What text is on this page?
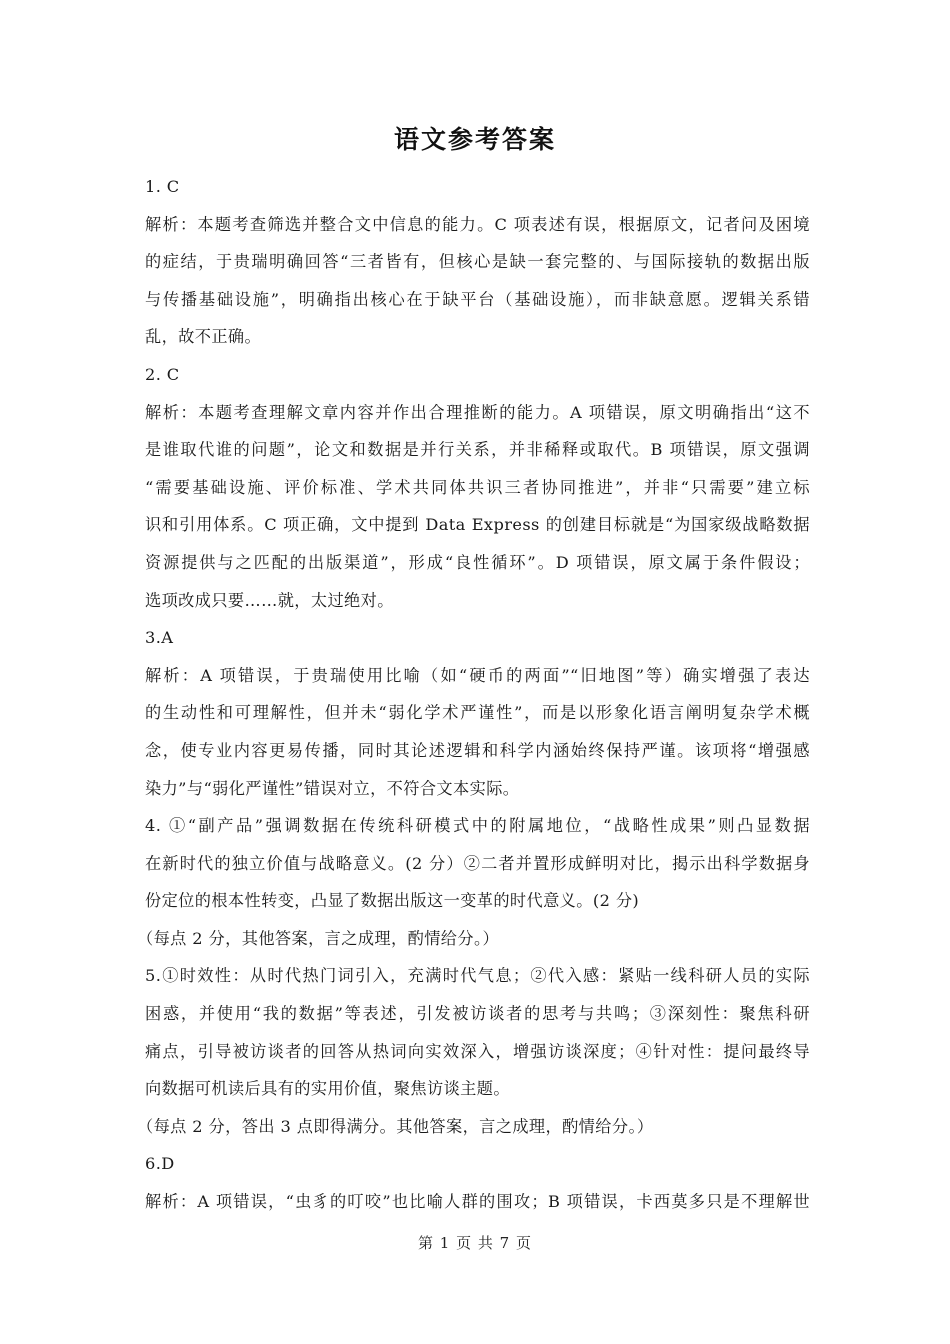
语文参考答案
1. C
解析：本题考查筛选并整合文中信息的能力。C 项表述有误，根据原文，记者问及困境
的症结，于贵瑞明确回答“三者皆有，但核心是缺一套完整的、与国际接轨的数据出版
与传播基础设施”，明确指出核心在于缺平台（基础设施），而非缺意愿。逻辑关系错
乱，故不正确。
2. C
解析：本题考查理解文章内容并作出合理推断的能力。A 项错误，原文明确指出“这不
是谁取代谁的问题”，论文和数据是并行关系，并非稀释或取代。B 项错误，原文强调
“需要基础设施、评价标准、学术共同体共识三者协同推进”，并非“只需要”建立标
识和引用体系。C 项正确，文中提到 Data Express 的创建目标就是“为国家级战略数据
资源提供与之匹配的出版渠道”，形成“良性循环”。D 项错误，原文属于条件假设；
选项改成只要……就，太过绝对。
3.A
解析：A 项错误，于贵瑞使用比喻（如“硬币的两面”“旧地图”等）确实增强了表达
的生动性和可理解性，但并未“弱化学术严谨性”，而是以形象化语言阐明复杂学术概
念，使专业内容更易传播，同时其论述逻辑和科学内涵始终保持严谨。该项将“增强感
染力”与“弱化严谨性”错误对立，不符合文本实际。
4. ①“副产品”强调数据在传统科研模式中的附属地位，“战略性成果”则凸显数据
在新时代的独立价值与战略意义。(2 分）②二者并置形成鲜明对比，揭示出科学数据身
份定位的根本性转变，凸显了数据出版这一变革的时代意义。(2 分)
（每点 2 分，其他答案，言之成理，酌情给分。）
5.①时效性：从时代热门词引入，充满时代气息；②代入感：紧贴一线科研人员的实际
困惑，并使用“我的数据”等表述，引发被访谈者的思考与共鸣；③深刻性：聚焦科研
痛点，引导被访谈者的回答从热词向实效深入，增强访谈深度；④针对性：提问最终导
向数据可机读后具有的实用价值，聚焦访谈主题。
（每点 2 分，答出 3 点即得满分。其他答案，言之成理，酌情给分。）
6.D
解析：A 项错误，“虫豸的叮咬”也比喻人群的围攻；B 项错误，卡西莫多只是不理解世
第 1 页 共 7 页
